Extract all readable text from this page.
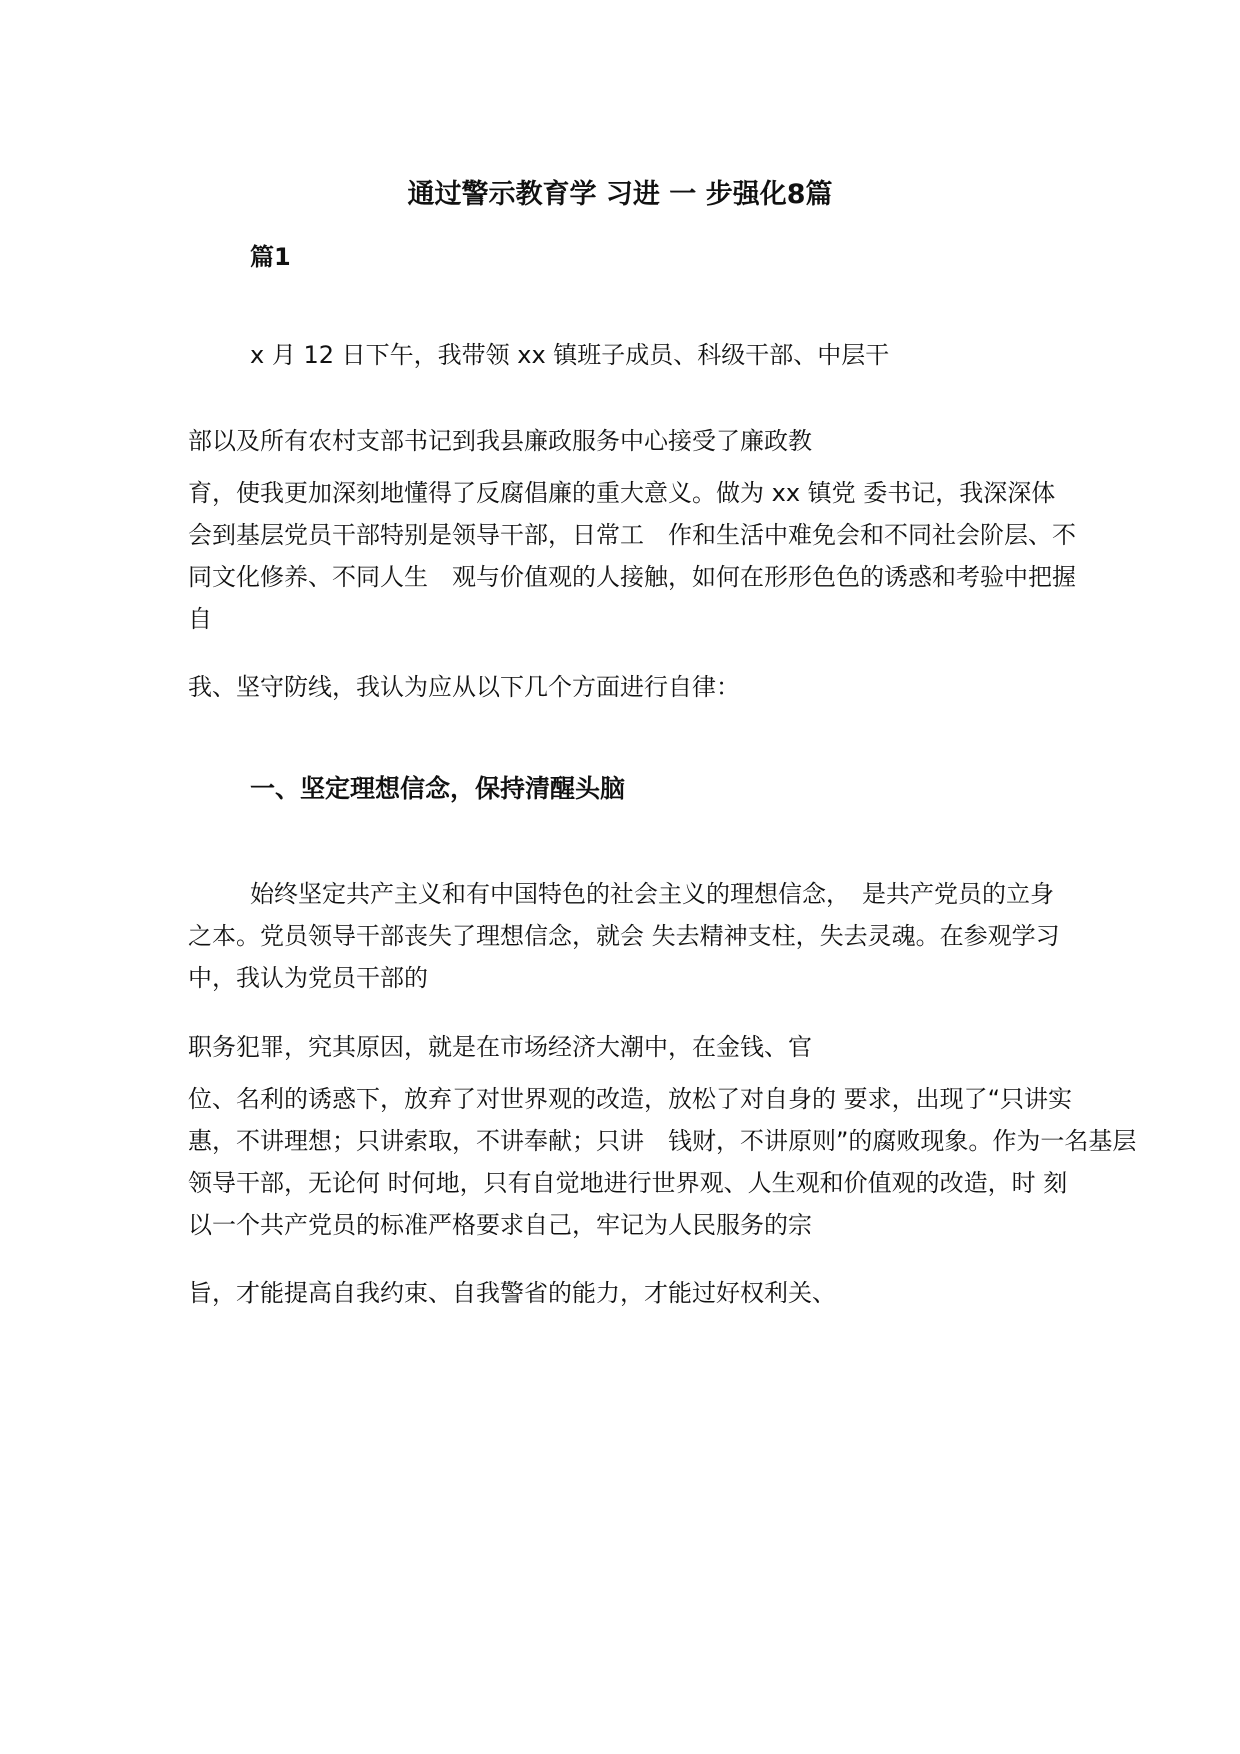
通过警示教育学 习进 一 步强化8篇
篇1

x 月 12 日下午，我带领 xx 镇班子成员、科级干部、中层干

部以及所有农村支部书记到我县廉政服务中心接受了廉政教

育，使我更加深刻地懂得了反腐倡廉的重大意义。做为 xx 镇党 委书记，我深深体

会到基层党员干部特别是领导干部，日常工　作和生活中难免会和不同社会阶层、不

同文化修养、不同人生　观与价值观的人接触，如何在形形色色的诱惑和考验中把握

自

我、坚守防线，我认为应从以下几个方面进行自律：

一、坚定理想信念，保持清醒头脑

始终坚定共产主义和有中国特色的社会主义的理想信念，　是共产党员的立身

之本。党员领导干部丧失了理想信念，就会 失去精神支柱，失去灵魂。在参观学习

中，我认为党员干部的

职务犯罪，究其原因，就是在市场经济大潮中，在金钱、官

位、名利的诱惑下，放弃了对世界观的改造，放松了对自身的 要求，出现了“只讲实

惠，不讲理想；只讲索取，不讲奉献；只讲　钱财，不讲原则”的腐败现象。作为一名基层

领导干部，无论何 时何地，只有自觉地进行世界观、人生观和价值观的改造，时 刻

以一个共产党员的标准严格要求自己，牢记为人民服务的宗

旨，才能提高自我约束、自我警省的能力，才能过好权利关、
